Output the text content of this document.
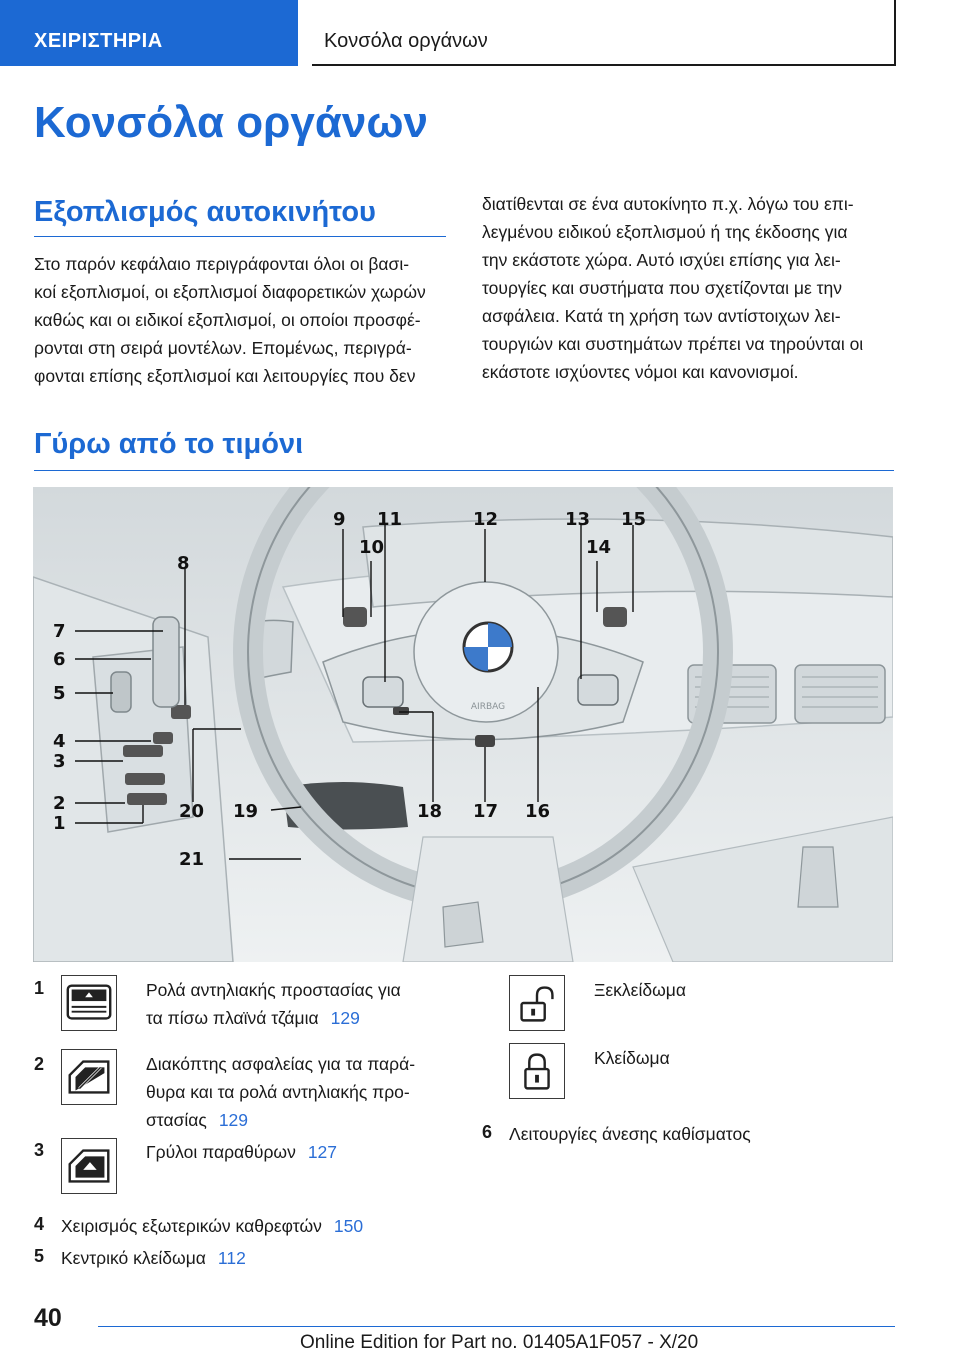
ΧΕΙΡΙΣΤΗΡΙΑ	Κονσόλα οργάνων
Κονσόλα οργάνων
Εξοπλισμός αυτοκινήτου
Στο παρόν κεφάλαιο περιγράφονται όλοι οι βασι-
κοί εξοπλισμοί, οι εξοπλισμοί διαφορετικών χωρών
καθώς και οι ειδικοί εξοπλισμοί, οι οποίοι προσφέ-
ρονται στη σειρά μοντέλων. Επομένως, περιγρά-
φονται επίσης εξοπλισμοί και λειτουργίες που δεν
διατίθενται σε ένα αυτοκίνητο π.χ. λόγω του επι-
λεγμένου ειδικού εξοπλισμού ή της έκδοσης για
την εκάστοτε χώρα. Αυτό ισχύει επίσης για λει-
τουργίες και συστήματα που σχετίζονται με την
ασφάλεια. Κατά τη χρήση των αντίστοιχων λει-
τουργιών και συστημάτων πρέπει να τηρούνται οι
εκάστοτε ισχύοντες νόμοι και κανονισμοί.
Γύρω από το τιμόνι
AIRBAG
1
2
3
4
5
6
7
8
9
10
11	12	13
14
15
16
17
18
19
20
21
1	Ρολά αντηλιακής προστασίας για
τα πίσω πλαϊνά τζάμια 129
2	Διακόπτης ασφαλείας για τα παρά-
θυρα και τα ρολά αντηλιακής προ-
στασίας 129
3	Γρύλοι παραθύρων 127
4 Χειρισμός εξωτερικών καθρεφτών 150
5 Κεντρικό κλείδωμα 112
Ξεκλείδωμα
Κλείδωμα
6 Λειτουργίες άνεσης καθίσματος
40
Online Edition for Part no. 01405A1F057 - X/20
